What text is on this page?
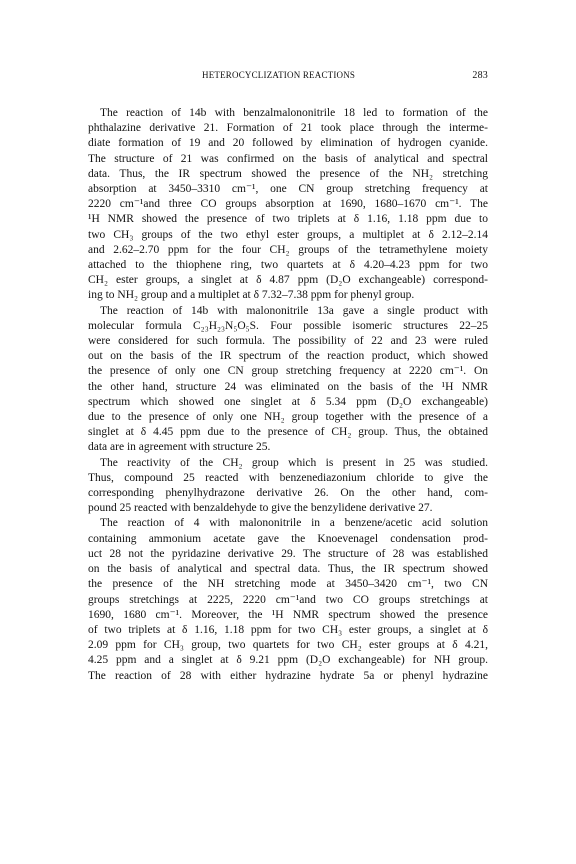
HETEROCYCLIZATION REACTIONS	283
The reaction of 14b with benzalmalononitrile 18 led to formation of the
phthalazine derivative 21. Formation of 21 took place through the interme-
diate formation of 19 and 20 followed by elimination of hydrogen cyanide.
The structure of 21 was confirmed on the basis of analytical and spectral
data. Thus, the IR spectrum showed the presence of the NH₂ stretching
absorption at 3450–3310 cm⁻¹, one CN group stretching frequency at
2220 cm⁻¹and three CO groups absorption at 1690, 1680–1670 cm⁻¹. The
¹H NMR showed the presence of two triplets at δ 1.16, 1.18 ppm due to
two CH₃ groups of the two ethyl ester groups, a multiplet at δ 2.12–2.14
and 2.62–2.70 ppm for the four CH₂ groups of the tetramethylene moiety
attached to the thiophene ring, two quartets at δ 4.20–4.23 ppm for two
CH₂ ester groups, a singlet at δ 4.87 ppm (D₂O exchangeable) correspond-
ing to NH₂ group and a multiplet at δ 7.32–7.38 ppm for phenyl group.
The reaction of 14b with malononitrile 13a gave a single product with
molecular formula C₂₃H₂₃N₅O₅S. Four possible isomeric structures 22–25
were considered for such formula. The possibility of 22 and 23 were ruled
out on the basis of the IR spectrum of the reaction product, which showed
the presence of only one CN group stretching frequency at 2220 cm⁻¹. On
the other hand, structure 24 was eliminated on the basis of the ¹H NMR
spectrum which showed one singlet at δ 5.34 ppm (D₂O exchangeable)
due to the presence of only one NH₂ group together with the presence of a
singlet at δ 4.45 ppm due to the presence of CH₂ group. Thus, the obtained
data are in agreement with structure 25.
The reactivity of the CH₂ group which is present in 25 was studied.
Thus, compound 25 reacted with benzenediazonium chloride to give the
corresponding phenylhydrazone derivative 26. On the other hand, com-
pound 25 reacted with benzaldehyde to give the benzylidene derivative 27.
The reaction of 4 with malononitrile in a benzene/acetic acid solution
containing ammonium acetate gave the Knoevenagel condensation prod-
uct 28 not the pyridazine derivative 29. The structure of 28 was established
on the basis of analytical and spectral data. Thus, the IR spectrum showed
the presence of the NH stretching mode at 3450–3420 cm⁻¹, two CN
groups stretchings at 2225, 2220 cm⁻¹and two CO groups stretchings at
1690, 1680 cm⁻¹. Moreover, the ¹H NMR spectrum showed the presence
of two triplets at δ 1.16, 1.18 ppm for two CH₃ ester groups, a singlet at δ
2.09 ppm for CH₃ group, two quartets for two CH₂ ester groups at δ 4.21,
4.25 ppm and a singlet at δ 9.21 ppm (D₂O exchangeable) for NH group.
The reaction of 28 with either hydrazine hydrate 5a or phenyl hydrazine
